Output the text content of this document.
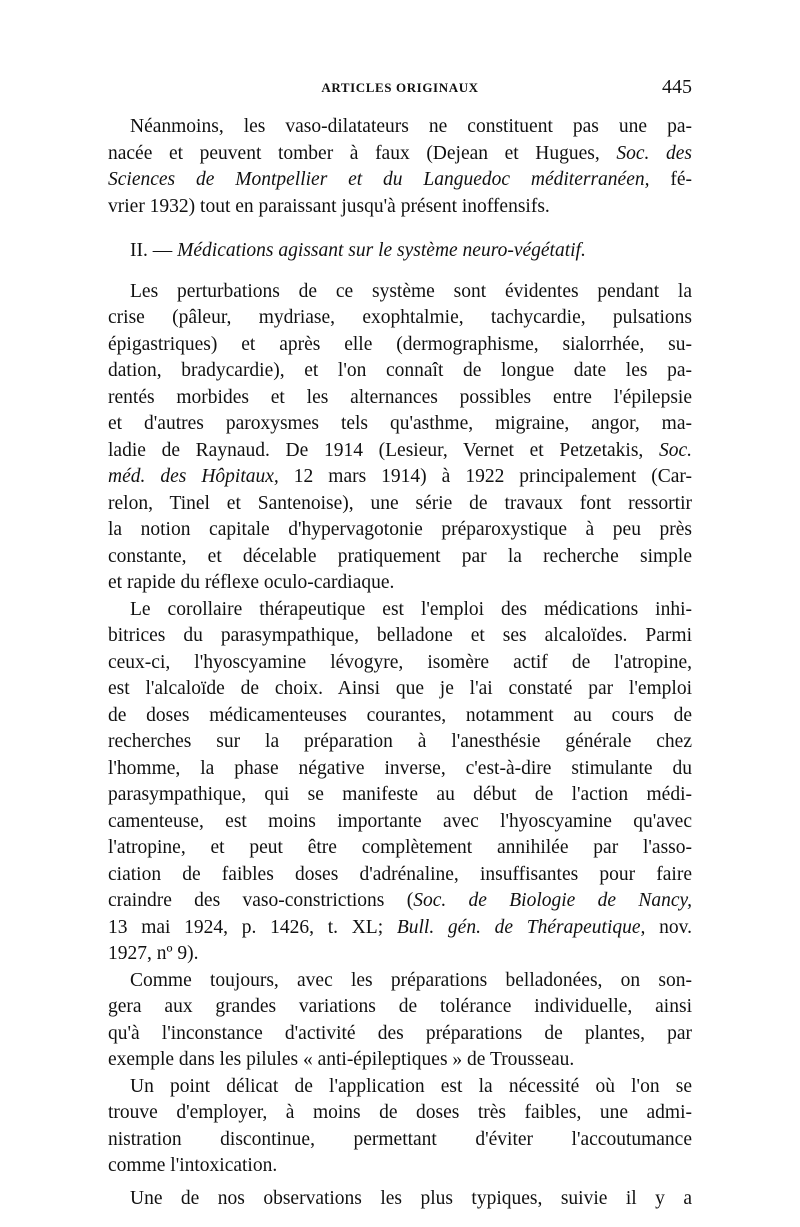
ARTICLES ORIGINAUX	445
Néanmoins, les vaso-dilatateurs ne constituent pas une pa-
nacée et peuvent tomber à faux (Dejean et Hugues, Soc. des
Sciences de Montpellier et du Languedoc méditerranéen, fé-
vrier 1932) tout en paraissant jusqu'à présent inoffensifs.
II. — Médications agissant sur le système neuro-végétatif.
Les perturbations de ce système sont évidentes pendant la
crise (pâleur, mydriase, exophtalmie, tachycardie, pulsations
épigastriques) et après elle (dermographisme, sialorrhée, su-
dation, bradycardie), et l'on connaît de longue date les pa-
rentés morbides et les alternances possibles entre l'épilepsie
et d'autres paroxysmes tels qu'asthme, migraine, angor, ma-
ladie de Raynaud. De 1914 (Lesieur, Vernet et Petzetakis, Soc.
méd. des Hôpitaux, 12 mars 1914) à 1922 principalement (Car-
relon, Tinel et Santenoise), une série de travaux font ressortir
la notion capitale d'hypervagotonie préparoxystique à peu près
constante, et décelable pratiquement par la recherche simple
et rapide du réflexe oculo-cardiaque.
Le corollaire thérapeutique est l'emploi des médications inhi-
bitrices du parasympathique, belladone et ses alcaloïdes. Parmi
ceux-ci, l'hyoscyamine lévogyre, isomère actif de l'atropine,
est l'alcaloïde de choix. Ainsi que je l'ai constaté par l'emploi
de doses médicamenteuses courantes, notamment au cours de
recherches sur la préparation à l'anesthésie générale chez
l'homme, la phase négative inverse, c'est-à-dire stimulante du
parasympathique, qui se manifeste au début de l'action médi-
camenteuse, est moins importante avec l'hyoscyamine qu'avec
l'atropine, et peut être complètement annihilée par l'asso-
ciation de faibles doses d'adrénaline, insuffisantes pour faire
craindre des vaso-constrictions (Soc. de Biologie de Nancy,
13 mai 1924, p. 1426, t. XL; Bull. gén. de Thérapeutique, nov.
1927, nº 9).
Comme toujours, avec les préparations belladonées, on son-
gera aux grandes variations de tolérance individuelle, ainsi
qu'à l'inconstance d'activité des préparations de plantes, par
exemple dans les pilules « anti-épileptiques » de Trousseau.
Un point délicat de l'application est la nécessité où l'on se
trouve d'employer, à moins de doses très faibles, une admi-
nistration discontinue, permettant d'éviter l'accoutumance
comme l'intoxication.
Une de nos observations les plus typiques, suivie il y a
